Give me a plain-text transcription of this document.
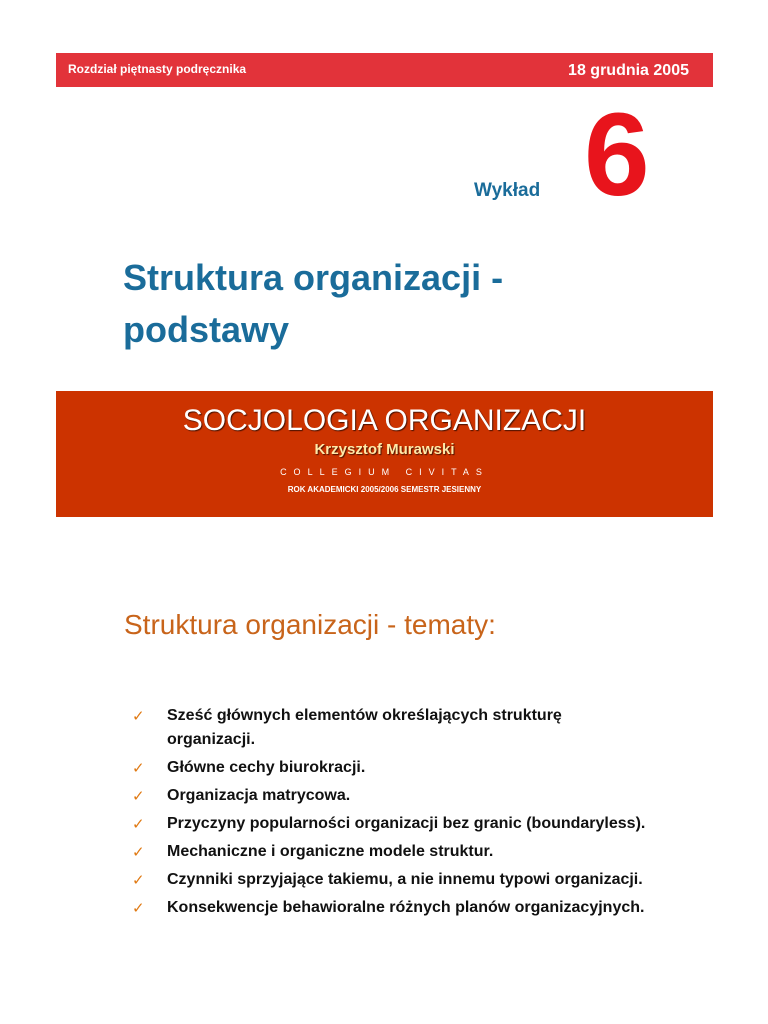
Rozdział piętnasty podręcznika	18 grudnia 2005
Wykład 6
Struktura organizacji -
podstawy
SOCJOLOGIA ORGANIZACJI
Krzysztof Murawski
COLLEGIUM CIVITAS
ROK AKADEMICKI 2005/2006 SEMESTR JESIENNY
Struktura organizacji - tematy:
✓ Sześć głównych elementów określających strukturę organizacji.
✓ Główne cechy biurokracji.
✓ Organizacja matrycowa.
✓ Przyczyny popularności organizacji bez granic (boundaryless).
✓ Mechaniczne i organiczne modele struktur.
✓ Czynniki sprzyjające takiemu, a nie innemu typowi organizacji.
✓ Konsekwencje behawioralne różnych planów organizacyjnych.
